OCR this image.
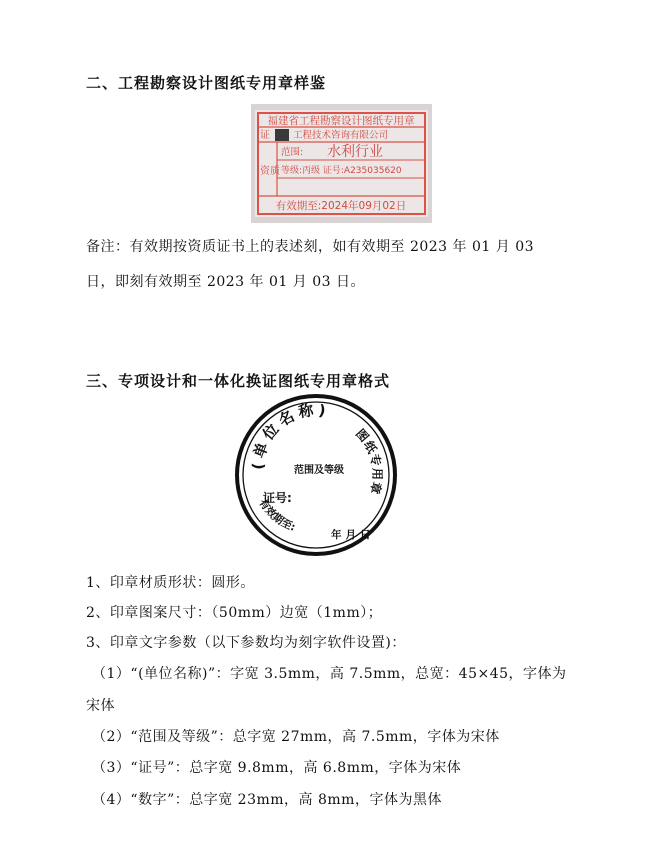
二、工程勘察设计图纸专用章样鉴
福建省工程勘察设计图纸专用章
证 工程技术咨询有限公司
资质
范围: 水利行业
等级:丙级 证号:A235035620
有效期至:2024年09月02日

备注：有效期按资质证书上的表述刻，如有效期至 2023 年 01 月 03

日，即刻有效期至 2023 年 01 月 03 日。

三、专项设计和一体化换证图纸专用章格式
(单位名称)
图纸专用章
范围及等级
证号:
有效期至:
年月日

1、印章材质形状：圆形。

2、印章图案尺寸：（50mm）边宽（1mm）；

3、印章文字参数（以下参数均为刻字软件设置)：

（1）“(单位名称)”：字宽 3.5mm，高 7.5mm，总宽：45×45，字体为

宋体

（2）“范围及等级”：总字宽 27mm，高 7.5mm，字体为宋体

（3）“证号”：总字宽 9.8mm，高 6.8mm，字体为宋体

（4）“数字”：总字宽 23mm，高 8mm，字体为黑体
